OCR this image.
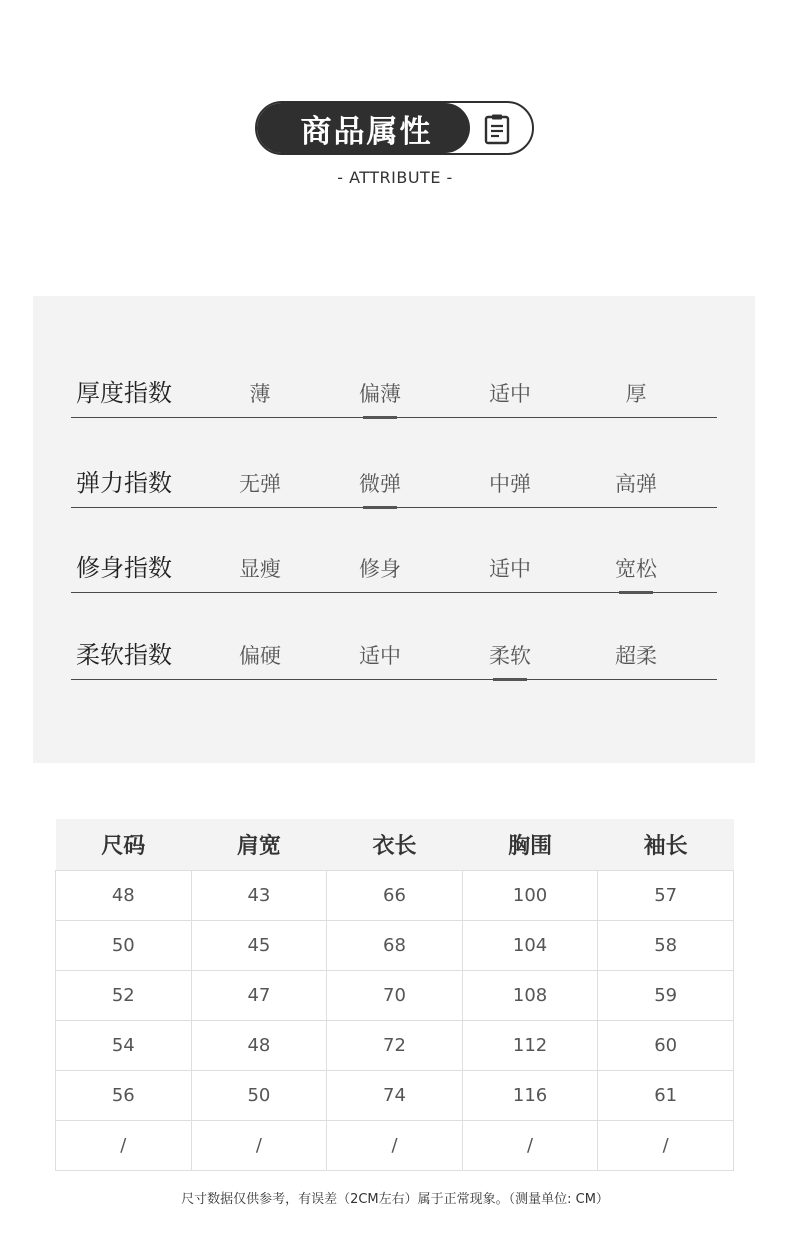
商品属性
- ATTRIBUTE -
厚度指数	薄	偏薄	适中	厚
弹力指数	无弹	微弹	中弹	高弹
修身指数	显瘦	修身	适中	宽松
柔软指数	偏硬	适中	柔软	超柔
尺码	肩宽	衣长	胸围	袖长
48	43	66	100	57
50	45	68	104	58
52	47	70	108	59
54	48	72	112	60
56	50	74	116	61
/	/	/	/	/
尺寸数据仅供参考，有误差（2CM左右）属于正常现象。（测量单位: CM）
